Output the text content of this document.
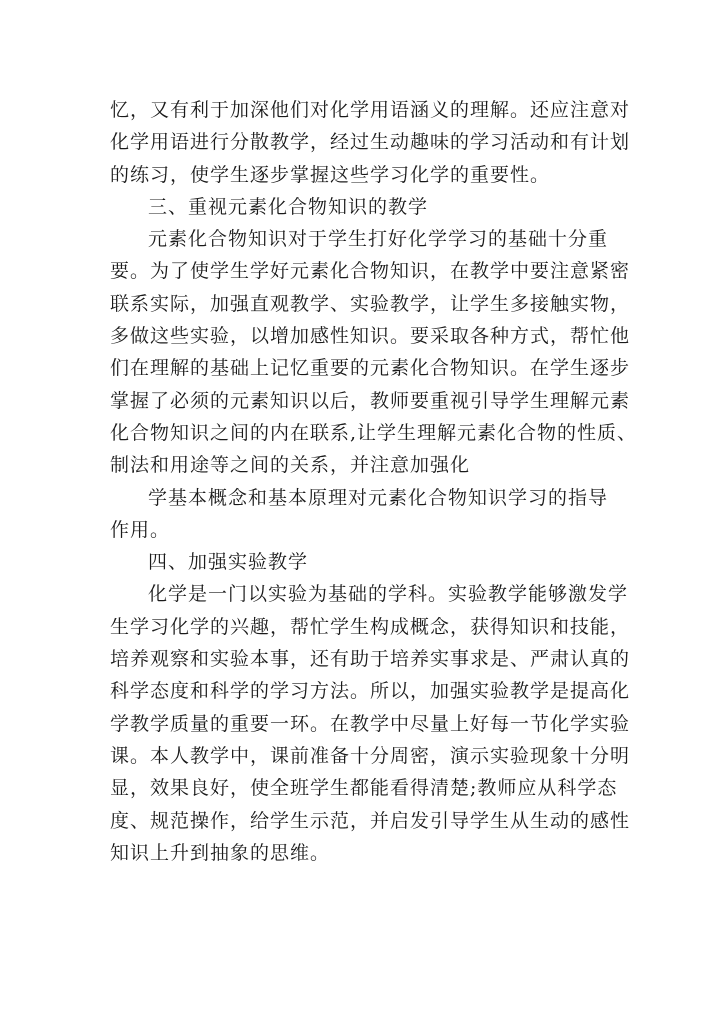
忆，又有利于加深他们对化学用语涵义的理解。还应注意对
化学用语进行分散教学，经过生动趣味的学习活动和有计划
的练习，使学生逐步掌握这些学习化学的重要性。
三、重视元素化合物知识的教学
元素化合物知识对于学生打好化学学习的基础十分重
要。为了使学生学好元素化合物知识，在教学中要注意紧密
联系实际，加强直观教学、实验教学，让学生多接触实物，
多做这些实验，以增加感性知识。要采取各种方式，帮忙他
们在理解的基础上记忆重要的元素化合物知识。在学生逐步
掌握了必须的元素知识以后，教师要重视引导学生理解元素
化合物知识之间的内在联系,让学生理解元素化合物的性质、
制法和用途等之间的关系，并注意加强化
学基本概念和基本原理对元素化合物知识学习的指导
作用。
四、加强实验教学
化学是一门以实验为基础的学科。实验教学能够激发学
生学习化学的兴趣，帮忙学生构成概念，获得知识和技能，
培养观察和实验本事，还有助于培养实事求是、严肃认真的
科学态度和科学的学习方法。所以，加强实验教学是提高化
学教学质量的重要一环。在教学中尽量上好每一节化学实验
课。本人教学中，课前准备十分周密，演示实验现象十分明
显，效果良好，使全班学生都能看得清楚;教师应从科学态
度、规范操作，给学生示范，并启发引导学生从生动的感性
知识上升到抽象的思维。
